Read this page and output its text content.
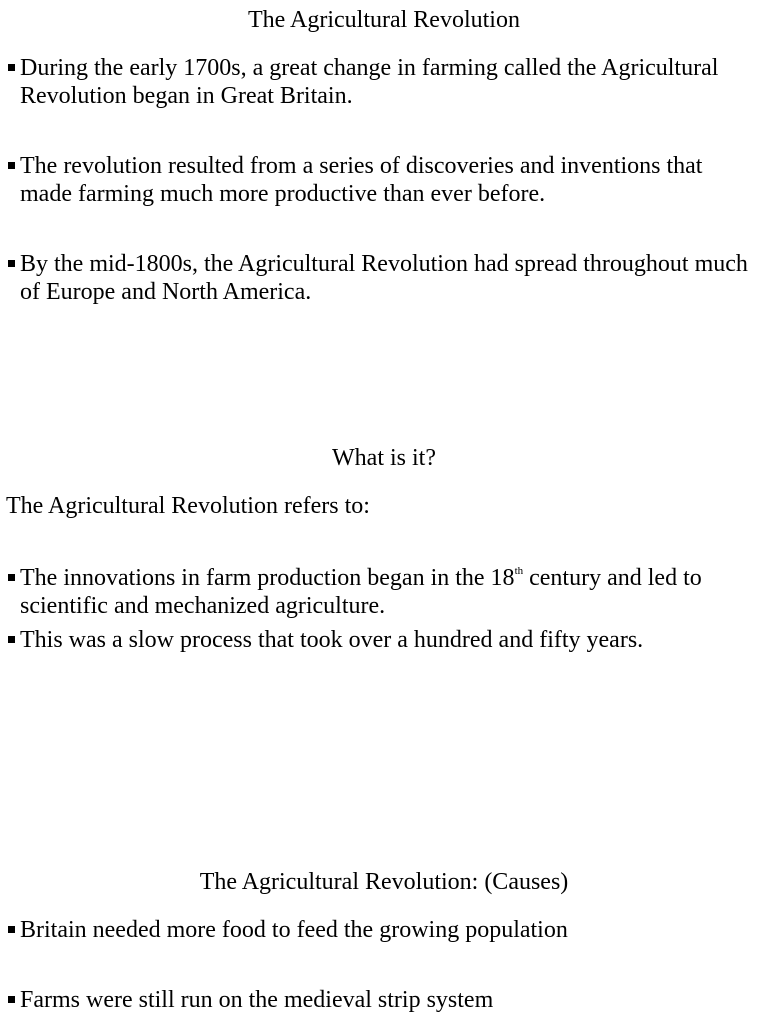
The Agricultural Revolution
During the early 1700s, a great change in farming called the Agricultural Revolution began in Great Britain.
The revolution resulted from a series of discoveries and inventions that made farming much more productive than ever before.
By the mid-1800s, the Agricultural Revolution had spread throughout much of Europe and North America.
What is it?

The Agricultural Revolution refers to:

The innovations in farm production began in the 18th century and led to scientific and mechanized agriculture.
This was a slow process that took over a hundred and fifty years.
The Agricultural Revolution: (Causes)
Britain needed more food to feed the growing population
Farms were still run on the medieval strip system
